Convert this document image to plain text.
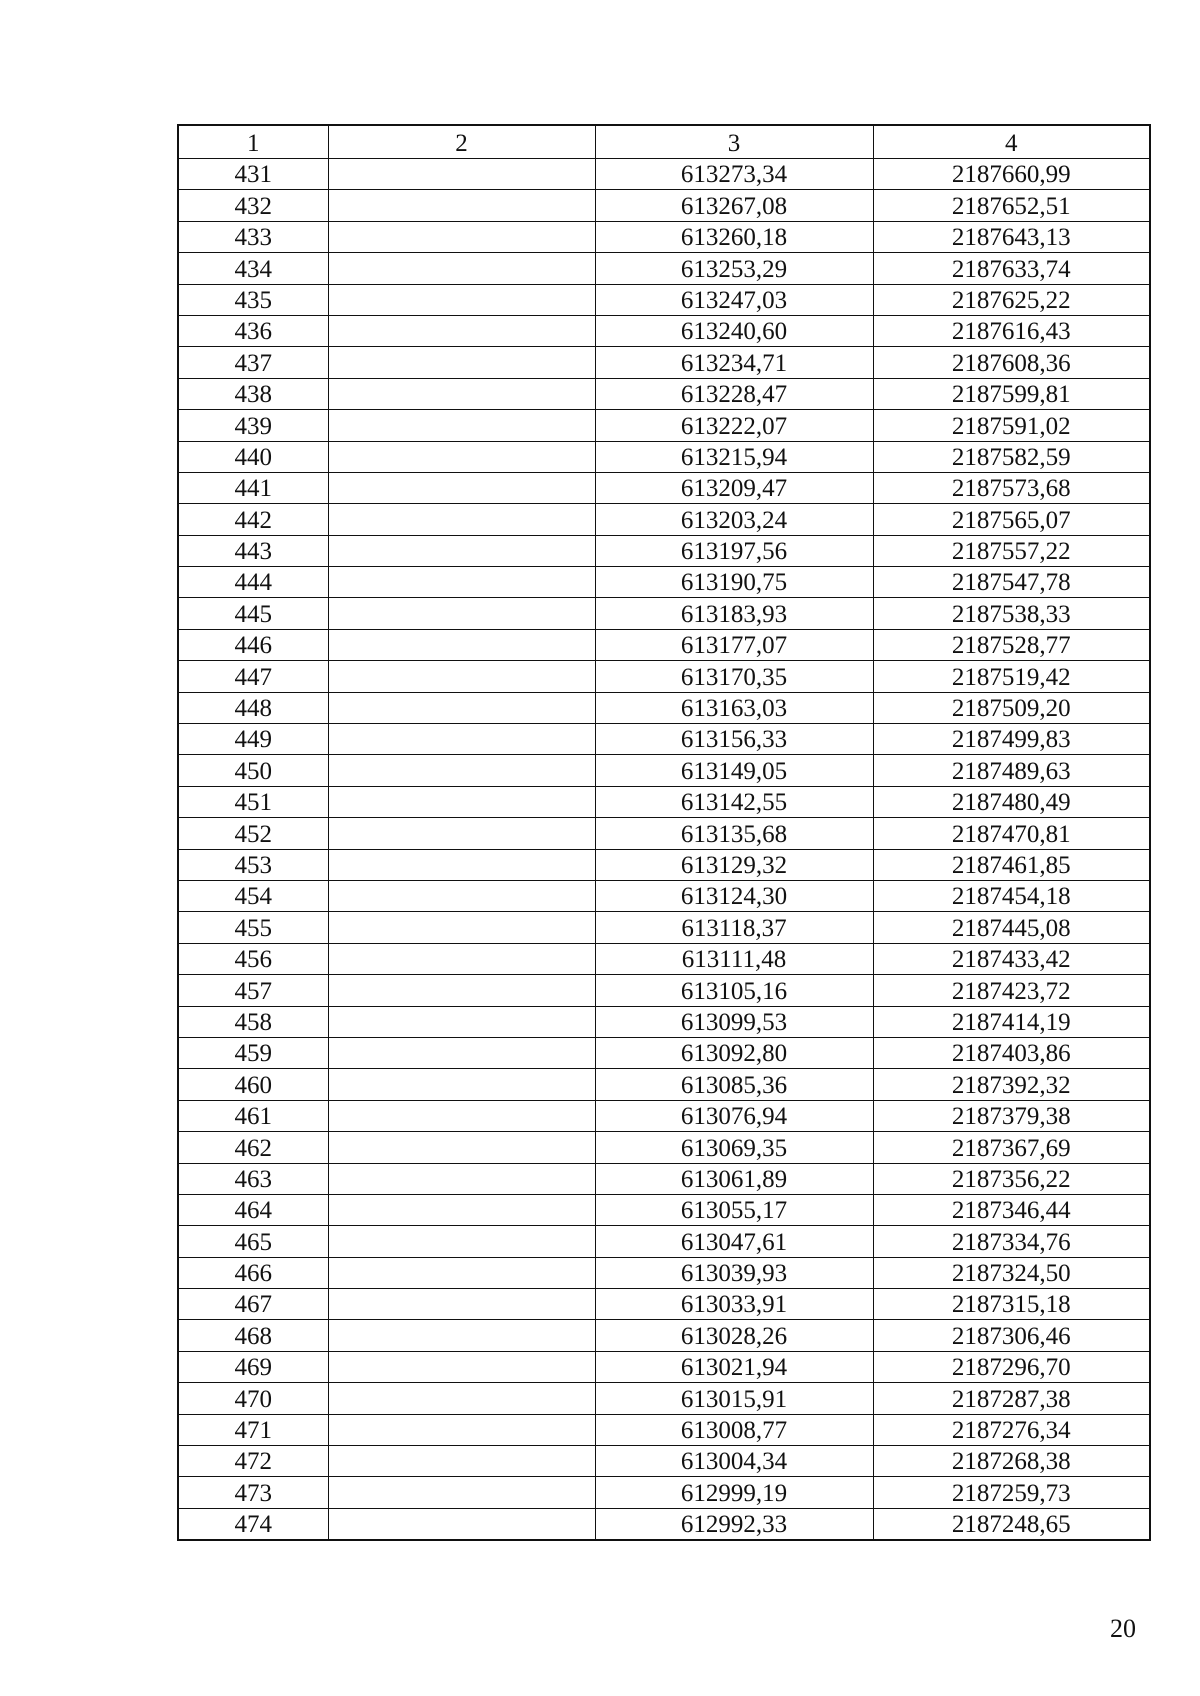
1	2	3	4
431		613273,34	2187660,99
432		613267,08	2187652,51
433		613260,18	2187643,13
434		613253,29	2187633,74
435		613247,03	2187625,22
436		613240,60	2187616,43
437		613234,71	2187608,36
438		613228,47	2187599,81
439		613222,07	2187591,02
440		613215,94	2187582,59
441		613209,47	2187573,68
442		613203,24	2187565,07
443		613197,56	2187557,22
444		613190,75	2187547,78
445		613183,93	2187538,33
446		613177,07	2187528,77
447		613170,35	2187519,42
448		613163,03	2187509,20
449		613156,33	2187499,83
450		613149,05	2187489,63
451		613142,55	2187480,49
452		613135,68	2187470,81
453		613129,32	2187461,85
454		613124,30	2187454,18
455		613118,37	2187445,08
456		613111,48	2187433,42
457		613105,16	2187423,72
458		613099,53	2187414,19
459		613092,80	2187403,86
460		613085,36	2187392,32
461		613076,94	2187379,38
462		613069,35	2187367,69
463		613061,89	2187356,22
464		613055,17	2187346,44
465		613047,61	2187334,76
466		613039,93	2187324,50
467		613033,91	2187315,18
468		613028,26	2187306,46
469		613021,94	2187296,70
470		613015,91	2187287,38
471		613008,77	2187276,34
472		613004,34	2187268,38
473		612999,19	2187259,73
474		612992,33	2187248,65
20
